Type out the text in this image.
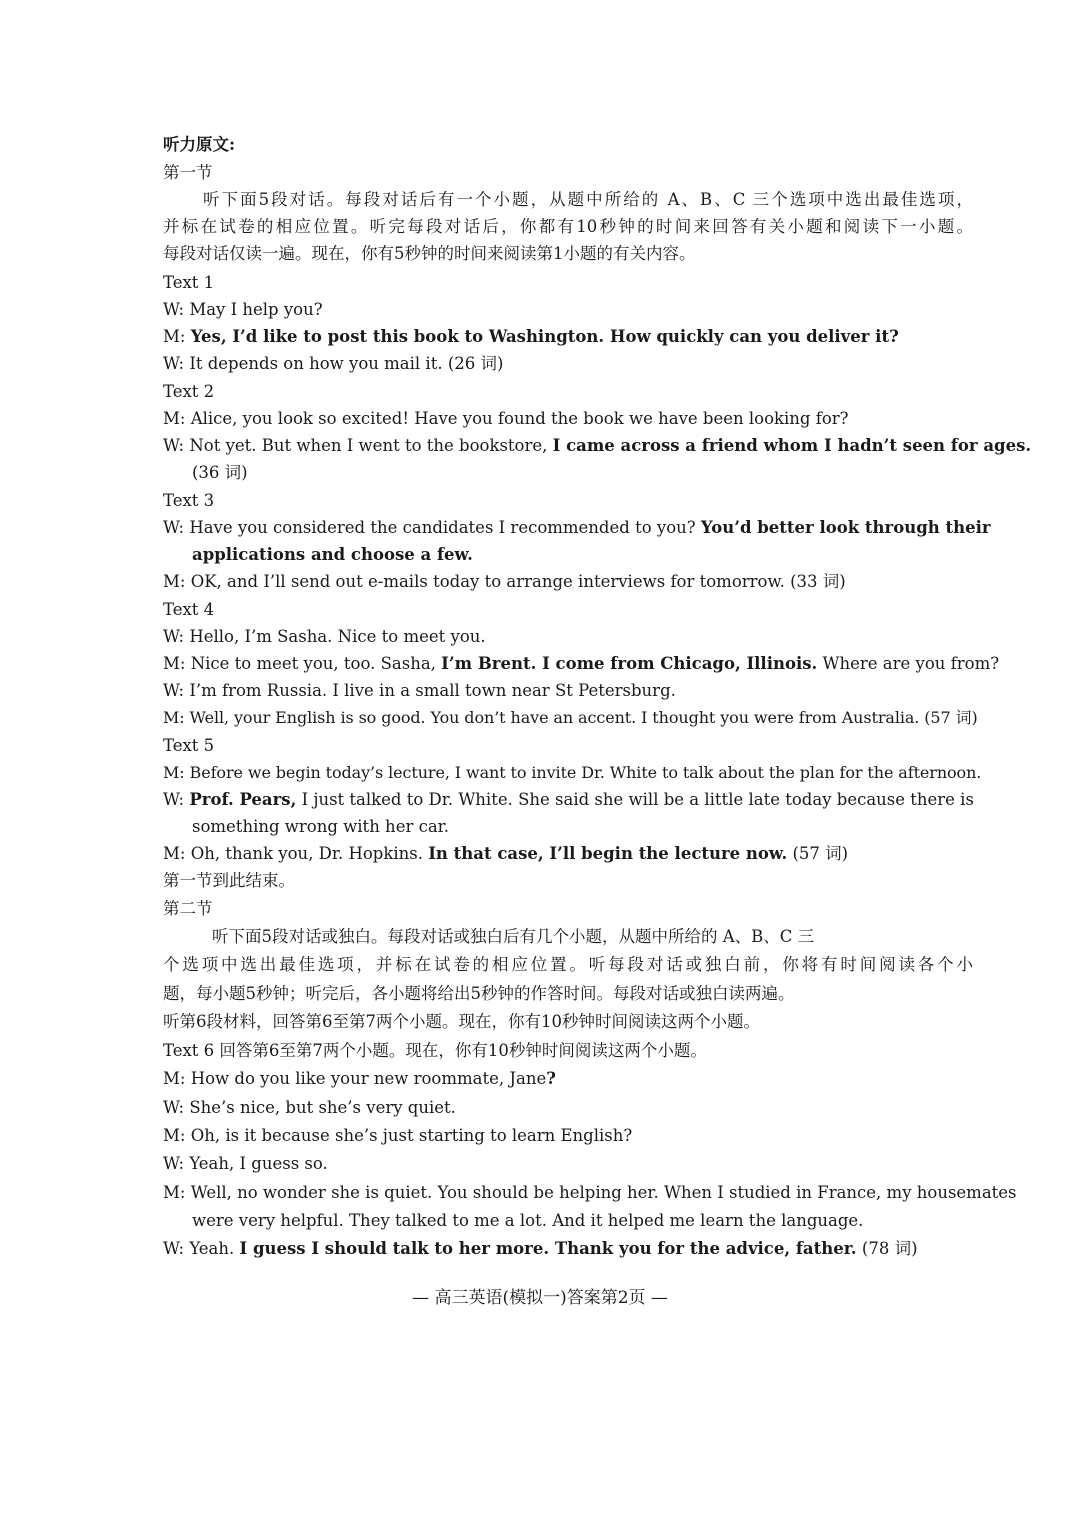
听力原文:
第一节
听下面5段对话。每段对话后有一个小题，从题中所给的 A、B、C 三个选项中选出最佳选项，
并标在试卷的相应位置。听完每段对话后，你都有10秒钟的时间来回答有关小题和阅读下一小题。
每段对话仅读一遍。现在，你有5秒钟的时间来阅读第1小题的有关内容。
Text 1
W: May I help you?
M: Yes, I’d like to post this book to Washington. How quickly can you deliver it?
W: It depends on how you mail it. (26 词)
Text 2
M: Alice, you look so excited! Have you found the book we have been looking for?
W: Not yet. But when I went to the bookstore, I came across a friend whom I hadn’t seen for ages.
(36 词)
Text 3
W: Have you considered the candidates I recommended to you? You’d better look through their
applications and choose a few.
M: OK, and I’ll send out e-mails today to arrange interviews for tomorrow. (33 词)
Text 4
W: Hello, I’m Sasha. Nice to meet you.
M: Nice to meet you, too. Sasha, I’m Brent. I come from Chicago, Illinois. Where are you from?
W: I’m from Russia. I live in a small town near St Petersburg.
M: Well, your English is so good. You don’t have an accent. I thought you were from Australia. (57 词)
Text 5
M: Before we begin today’s lecture, I want to invite Dr. White to talk about the plan for the afternoon.
W: Prof. Pears, I just talked to Dr. White. She said she will be a little late today because there is
something wrong with her car.
M: Oh, thank you, Dr. Hopkins. In that case, I’ll begin the lecture now. (57 词)
第一节到此结束。
第二节
听下面5段对话或独白。每段对话或独白后有几个小题，从题中所给的 A、B、C 三
个选项中选出最佳选项，并标在试卷的相应位置。听每段对话或独白前，你将有时间阅读各个小
题，每小题5秒钟；听完后，各小题将给出5秒钟的作答时间。每段对话或独白读两遍。
听第6段材料，回答第6至第7两个小题。现在，你有10秒钟时间阅读这两个小题。
Text 6 回答第6至第7两个小题。现在，你有10秒钟时间阅读这两个小题。
M: How do you like your new roommate, Jane?
W: She’s nice, but she’s very quiet.
M: Oh, is it because she’s just starting to learn English?
W: Yeah, I guess so.
M: Well, no wonder she is quiet. You should be helping her. When I studied in France, my housemates
were very helpful. They talked to me a lot. And it helped me learn the language.
W: Yeah. I guess I should talk to her more. Thank you for the advice, father. (78 词)
— 高三英语(模拟一)答案第2页 —
